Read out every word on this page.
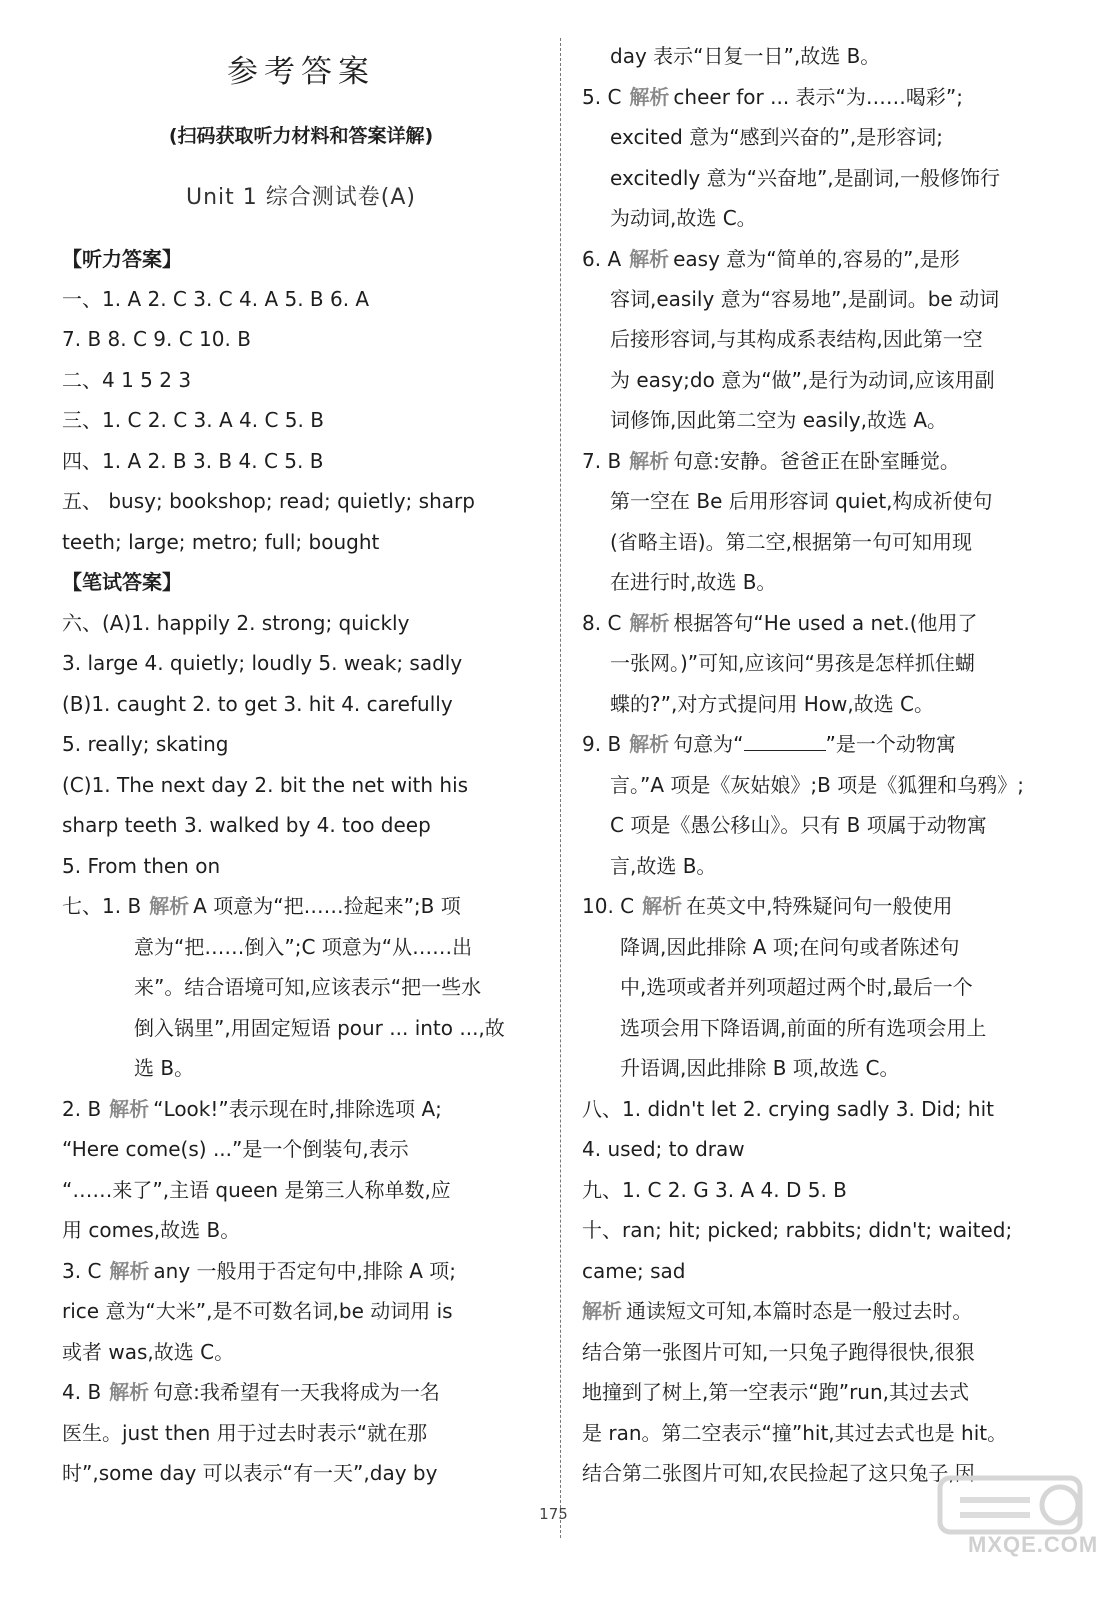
参考答案
(扫码获取听力材料和答案详解)
Unit 1 综合测试卷(A)
【听力答案】
一、1. A 2. C 3. C 4. A 5. B 6. A
7. B 8. C 9. C 10. B
二、4 1 5 2 3
三、1. C 2. C 3. A 4. C 5. B
四、1. A 2. B 3. B 4. C 5. B
五、 busy; bookshop; read; quietly; sharp
teeth; large; metro; full; bought
【笔试答案】
六、(A)1. happily 2. strong; quickly
3. large 4. quietly; loudly 5. weak; sadly
(B)1. caught 2. to get 3. hit 4. carefully
5. really; skating
(C)1. The next day 2. bit the net with his
sharp teeth 3. walked by 4. too deep
5. From then on
七、1. B 解析 A 项意为“把……捡起来”;B 项
意为“把……倒入”;C 项意为“从……出
来”。结合语境可知,应该表示“把一些水
倒入锅里”,用固定短语 pour ... into ...,故
选 B。
2. B 解析 “Look!”表示现在时,排除选项 A;
“Here come(s) ...”是一个倒装句,表示
“……来了”,主语 queen 是第三人称单数,应
用 comes,故选 B。
3. C 解析 any 一般用于否定句中,排除 A 项;
rice 意为“大米”,是不可数名词,be 动词用 is
或者 was,故选 C。
4. B 解析 句意:我希望有一天我将成为一名
医生。just then 用于过去时表示“就在那
时”,some day 可以表示“有一天”,day by
day 表示“日复一日”,故选 B。
5. C 解析 cheer for ... 表示“为……喝彩”;
excited 意为“感到兴奋的”,是形容词;
excitedly 意为“兴奋地”,是副词,一般修饰行
为动词,故选 C。
6. A 解析 easy 意为“简单的,容易的”,是形
容词,easily 意为“容易地”,是副词。be 动词
后接形容词,与其构成系表结构,因此第一空
为 easy;do 意为“做”,是行为动词,应该用副
词修饰,因此第二空为 easily,故选 A。
7. B 解析 句意:安静。爸爸正在卧室睡觉。
第一空在 Be 后用形容词 quiet,构成祈使句
(省略主语)。第二空,根据第一句可知用现
在进行时,故选 B。
8. C 解析 根据答句“He used a net.(他用了
一张网。)”可知,应该问“男孩是怎样抓住蝴
蝶的?”,对方式提问用 How,故选 C。
9. B 解析 句意为“	”是一个动物寓
言。”A 项是《灰姑娘》;B 项是《狐狸和乌鸦》;
C 项是《愚公移山》。只有 B 项属于动物寓
言,故选 B。
10. C 解析 在英文中,特殊疑问句一般使用
降调,因此排除 A 项;在问句或者陈述句
中,选项或者并列项超过两个时,最后一个
选项会用下降语调,前面的所有选项会用上
升语调,因此排除 B 项,故选 C。
八、1. didn't let 2. crying sadly 3. Did; hit
4. used; to draw
九、1. C 2. G 3. A 4. D 5. B
十、ran; hit; picked; rabbits; didn't; waited;
came; sad
解析 通读短文可知,本篇时态是一般过去时。
结合第一张图片可知,一只兔子跑得很快,很狠
地撞到了树上,第一空表示“跑”run,其过去式
是 ran。第二空表示“撞”hit,其过去式也是 hit。
结合第二张图片可知,农民捡起了这只兔子,因
175
MXQE.COM
